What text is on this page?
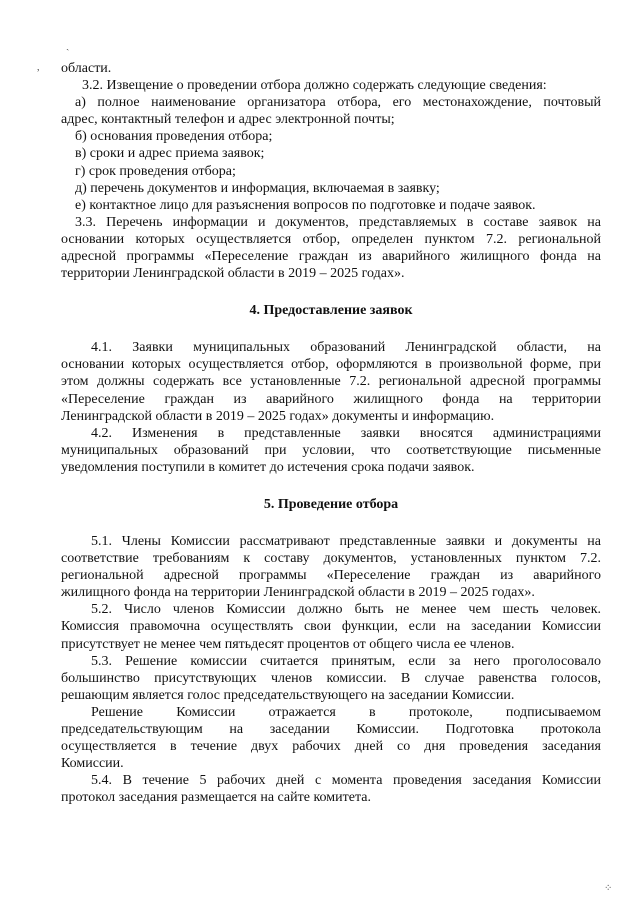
ˎ
,
⁘

области.

3.2. Извещение о проведении отбора должно содержать следующие сведения:

а) полное наименование организатора отбора, его местонахождение, почтовый

адрес, контактный телефон и адрес электронной почты;

б) основания проведения отбора;

в) сроки и адрес приема заявок;

г) срок проведения отбора;

д) перечень документов и информация, включаемая в заявку;

е) контактное лицо для разъяснения вопросов по подготовке и подаче заявок.

3.3. Перечень информации и документов, представляемых в составе заявок на

основании которых осуществляется отбор, определен пунктом 7.2. региональной

адресной программы «Переселение граждан из аварийного жилищного фонда на

территории Ленинградской области в 2019 – 2025 годах».

4. Предоставление заявок

4.1. Заявки муниципальных образований Ленинградской области, на

основании которых осуществляется отбор, оформляются в произвольной форме, при

этом должны содержать все установленные 7.2. региональной адресной программы

«Переселение граждан из аварийного жилищного фонда на территории

Ленинградской области в 2019 – 2025 годах» документы и информацию.

4.2. Изменения в представленные заявки вносятся администрациями

муниципальных образований при условии, что соответствующие письменные

уведомления поступили в комитет до истечения срока подачи заявок.

5. Проведение отбора

5.1. Члены Комиссии рассматривают представленные заявки и документы на

соответствие требованиям к составу документов, установленных пунктом 7.2.

региональной адресной программы «Переселение граждан из аварийного

жилищного фонда на территории Ленинградской области в 2019 – 2025 годах».

5.2. Число членов Комиссии должно быть не менее чем шесть человек.

Комиссия правомочна осуществлять свои функции, если на заседании Комиссии

присутствует не менее чем пятьдесят процентов от общего числа ее членов.

5.3. Решение комиссии считается принятым, если за него проголосовало

большинство присутствующих членов комиссии. В случае равенства голосов,

решающим является голос председательствующего на заседании Комиссии.

Решение Комиссии отражается в протоколе, подписываемом

председательствующим на заседании Комиссии. Подготовка протокола

осуществляется в течение двух рабочих дней со дня проведения заседания

Комиссии.

5.4. В течение 5 рабочих дней с момента проведения заседания Комиссии

протокол заседания размещается на сайте комитета.
